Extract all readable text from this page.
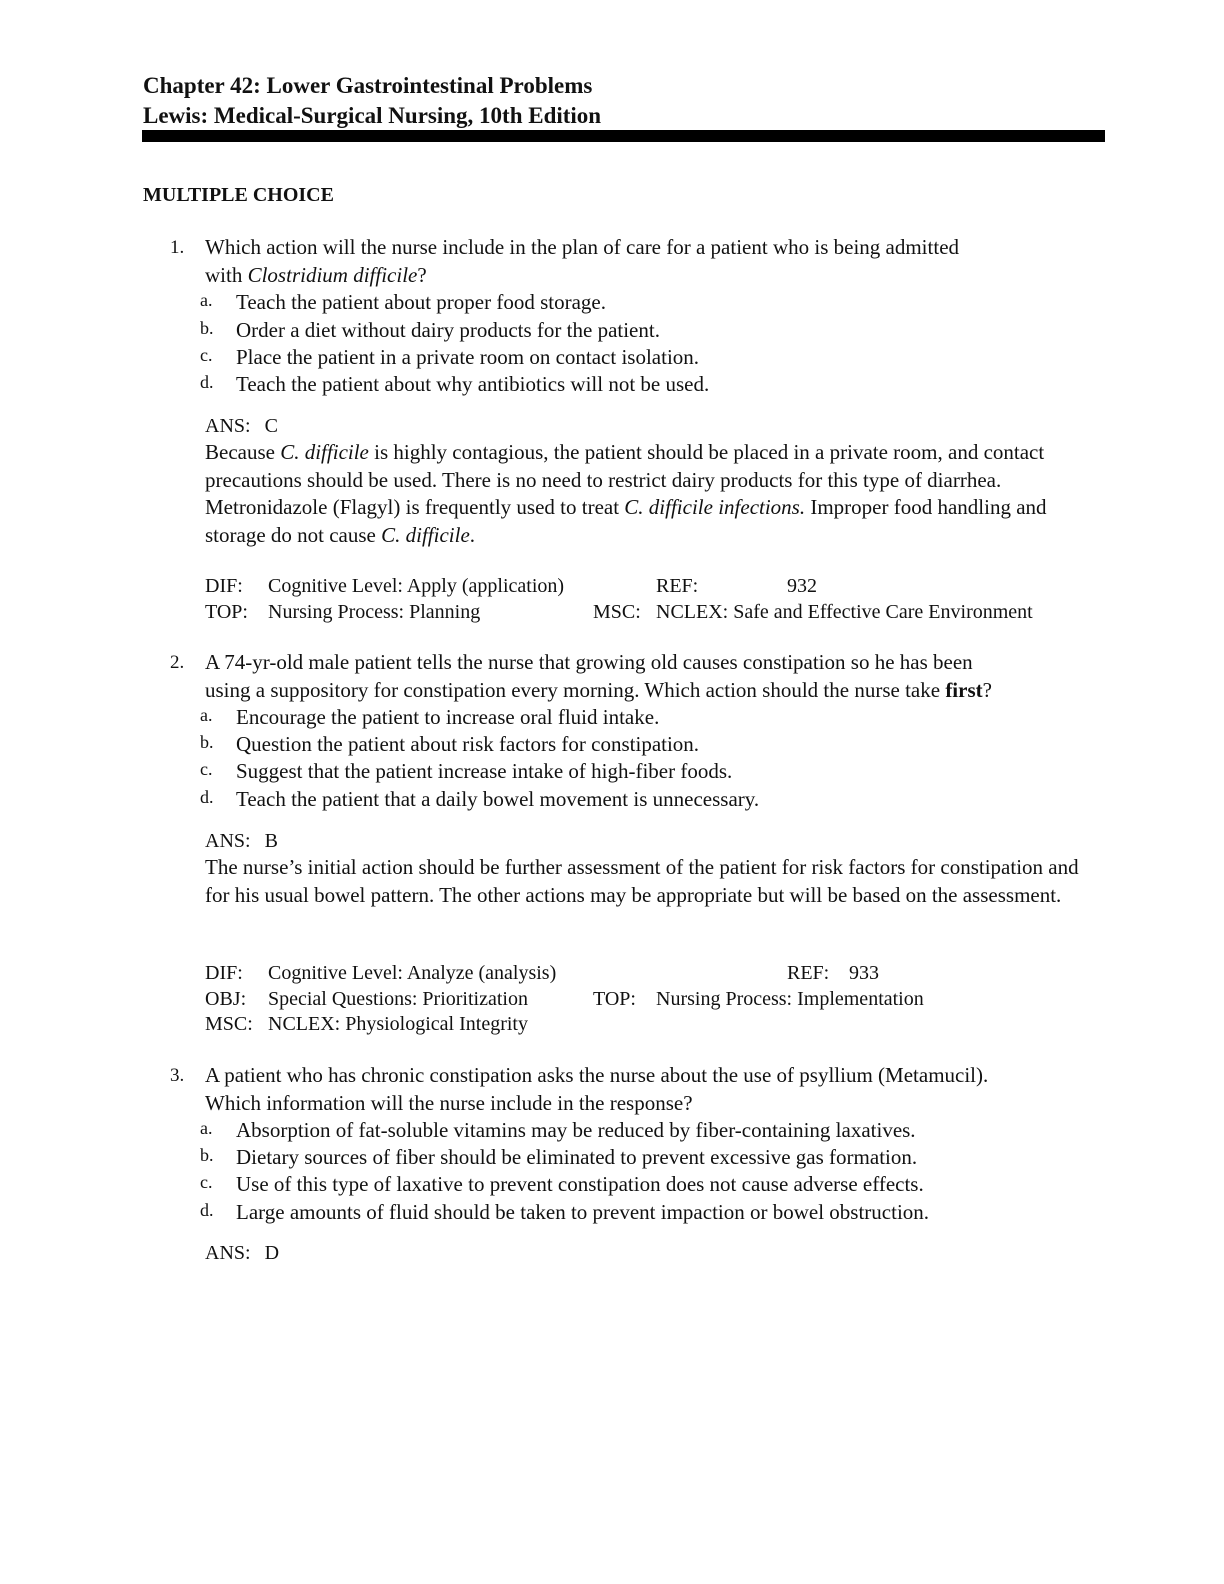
Chapter 42: Lower Gastrointestinal Problems
Lewis: Medical-Surgical Nursing, 10th Edition
MULTIPLE CHOICE
1. Which action will the nurse include in the plan of care for a patient who is being admitted
with Clostridium difficile?
a. Teach the patient about proper food storage.
b. Order a diet without dairy products for the patient.
c. Place the patient in a private room on contact isolation.
d. Teach the patient about why antibiotics will not be used.
ANS: C
Because C. difficile is highly contagious, the patient should be placed in a private room, and contact precautions should be used. There is no need to restrict dairy products for this type of diarrhea. Metronidazole (Flagyl) is frequently used to treat C. difficile infections. Improper food handling and storage do not cause C. difficile.
DIF: Cognitive Level: Apply (application)	REF:	932
TOP: Nursing Process: Planning	MSC: NCLEX: Safe and Effective Care Environment
2. A 74-yr-old male patient tells the nurse that growing old causes constipation so he has been
using a suppository for constipation every morning. Which action should the nurse take first?
a. Encourage the patient to increase oral fluid intake.
b. Question the patient about risk factors for constipation.
c. Suggest that the patient increase intake of high-fiber foods.
d. Teach the patient that a daily bowel movement is unnecessary.
ANS: B
The nurse’s initial action should be further assessment of the patient for risk factors for constipation and for his usual bowel pattern. The other actions may be appropriate but will be based on the assessment.
DIF: Cognitive Level: Analyze (analysis)	REF: 933
OBJ: Special Questions: Prioritization	TOP: Nursing Process: Implementation
MSC: NCLEX: Physiological Integrity
3. A patient who has chronic constipation asks the nurse about the use of psyllium (Metamucil).
Which information will the nurse include in the response?
a. Absorption of fat-soluble vitamins may be reduced by fiber-containing laxatives.
b. Dietary sources of fiber should be eliminated to prevent excessive gas formation.
c. Use of this type of laxative to prevent constipation does not cause adverse effects.
d. Large amounts of fluid should be taken to prevent impaction or bowel obstruction.
ANS: D
